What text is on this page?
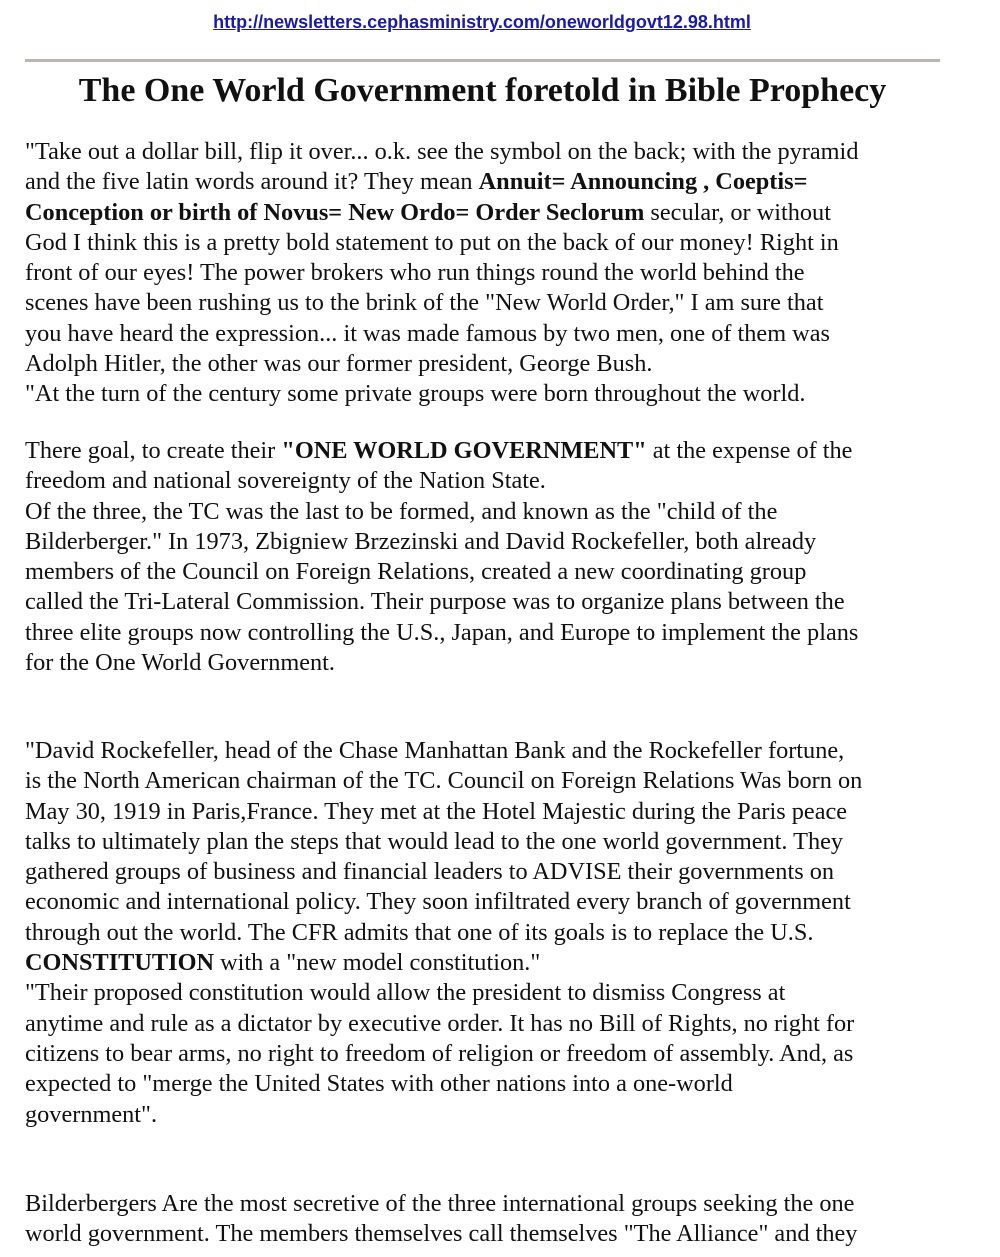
http://newsletters.cephasministry.com/oneworldgovt12.98.html
The One World Government foretold in Bible Prophecy

"Take out a dollar bill, flip it over... o.k. see the symbol on the back; with the pyramid
and the five latin words around it? They mean Annuit= Announcing , Coeptis=
Conception or birth of Novus= New Ordo= Order Seclorum secular, or without
God I think this is a pretty bold statement to put on the back of our money! Right in
front of our eyes! The power brokers who run things round the world behind the
scenes have been rushing us to the brink of the "New World Order," I am sure that
you have heard the expression... it was made famous by two men, one of them was
Adolph Hitler, the other was our former president, George Bush.
"At the turn of the century some private groups were born throughout the world.

There goal, to create their "ONE WORLD GOVERNMENT" at the expense of the
freedom and national sovereignty of the Nation State.
Of the three, the TC was the last to be formed, and known as the "child of the
Bilderberger." In 1973, Zbigniew Brzezinski and David Rockefeller, both already
members of the Council on Foreign Relations, created a new coordinating group
called the Tri-Lateral Commission. Their purpose was to organize plans between the
three elite groups now controlling the U.S., Japan, and Europe to implement the plans
for the One World Government.

"David Rockefeller, head of the Chase Manhattan Bank and the Rockefeller fortune,
is the North American chairman of the TC. Council on Foreign Relations Was born on
May 30, 1919 in Paris,France. They met at the Hotel Majestic during the Paris peace
talks to ultimately plan the steps that would lead to the one world government. They
gathered groups of business and financial leaders to ADVISE their governments on
economic and international policy. They soon infiltrated every branch of government
through out the world. The CFR admits that one of its goals is to replace the U.S.
CONSTITUTION with a "new model constitution."
"Their proposed constitution would allow the president to dismiss Congress at
anytime and rule as a dictator by executive order. It has no Bill of Rights, no right for
citizens to bear arms, no right to freedom of religion or freedom of assembly. And, as
expected to "merge the United States with other nations into a one-world
government".

Bilderbergers Are the most secretive of the three international groups seeking the one
world government. The members themselves call themselves "The Alliance" and they
